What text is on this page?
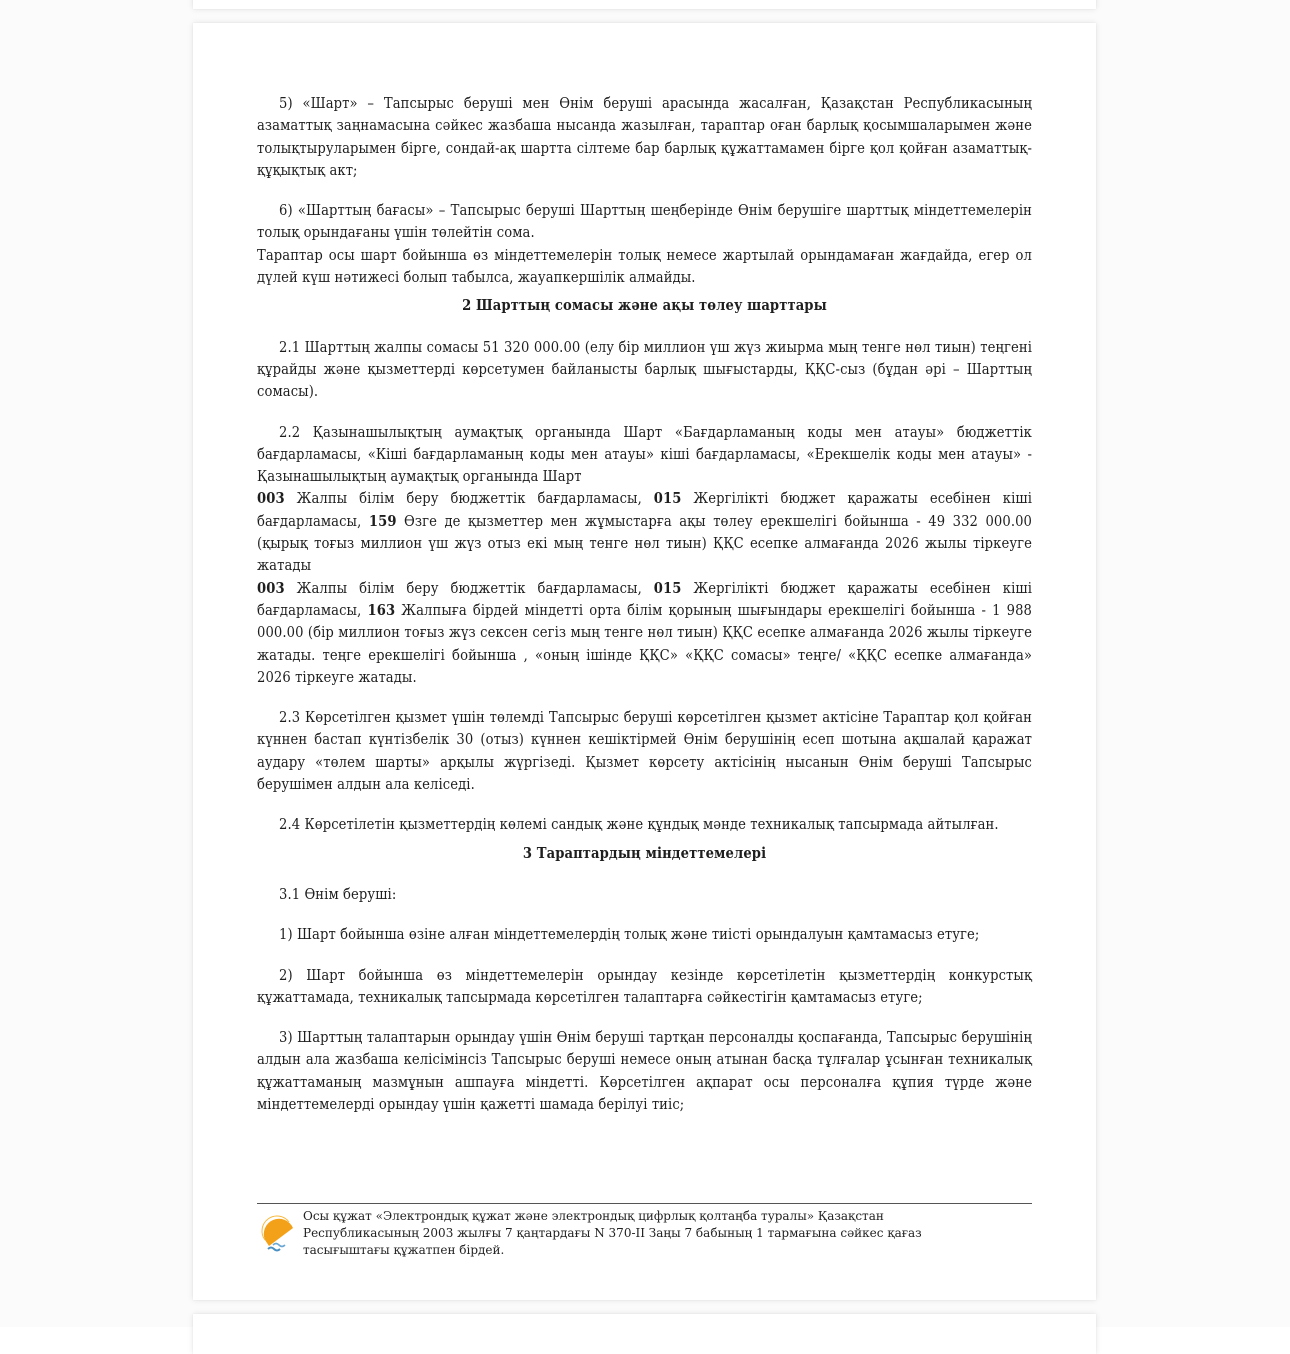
5) «Шарт» – Тапсырыс беруші мен Өнім беруші арасында жасалған, Қазақстан Республикасының азаматтық заңнамасына сәйкес жазбаша нысанда жазылған, тараптар оған барлық қосымшаларымен және толықтыруларымен бірге, сондай-ақ шартта сілтеме бар барлық құжаттамамен бірге қол қойған азаматтық-құқықтық акт;

6) «Шарттың бағасы» – Тапсырыс беруші Шарттың шеңберінде Өнім берушіге шарттық міндеттемелерін толық орындағаны үшін төлейтін сома.

Тараптар осы шарт бойынша өз міндеттемелерін толық немесе жартылай орындамаған жағдайда, егер ол дүлей күш нәтижесі болып табылса, жауапкершілік алмайды.

2 Шарттың сомасы және ақы төлеу шарттары

2.1 Шарттың жалпы сомасы 51 320 000.00 (елу бір миллион үш жүз жиырма мың тенге нөл тиын) теңгені құрайды және қызметтерді көрсетумен байланысты барлық шығыстарды, ҚҚС-сыз (бұдан әрі – Шарттың сомасы).

2.2 Қазынашылықтың аумақтық органында Шарт «Бағдарламаның коды мен атауы» бюджеттік бағдарламасы, «Кіші бағдарламаның коды мен атауы» кіші бағдарламасы, «Ерекшелік коды мен атауы» - Қазынашылықтың аумақтық органында Шарт

003 Жалпы білім беру бюджеттік бағдарламасы, 015 Жергілікті бюджет қаражаты есебінен кіші бағдарламасы, 159 Өзге де қызметтер мен жұмыстарға ақы төлеу ерекшелігі бойынша - 49 332 000.00 (қырық тоғыз миллион үш жүз отыз екі мың тенге нөл тиын) ҚҚС есепке алмағанда 2026 жылы тіркеуге жатады

003 Жалпы білім беру бюджеттік бағдарламасы, 015 Жергілікті бюджет қаражаты есебінен кіші бағдарламасы, 163 Жалпыға бірдей міндетті орта білім қорының шығындары ерекшелігі бойынша - 1 988 000.00 (бір миллион тоғыз жүз сексен сегіз мың тенге нөл тиын) ҚҚС есепке алмағанда 2026 жылы тіркеуге жатады. теңге ерекшелігі бойынша , «оның ішінде ҚҚС» «ҚҚС сомасы» теңге/ «ҚҚС есепке алмағанда» 2026 тіркеуге жатады.

2.3 Көрсетілген қызмет үшін төлемді Тапсырыс беруші көрсетілген қызмет актісіне Тараптар қол қойған күннен бастап күнтізбелік 30 (отыз) күннен кешіктірмей Өнім берушінің есеп шотына ақшалай қаражат аудару «төлем шарты» арқылы жүргізеді. Қызмет көрсету актісінің нысанын Өнім беруші Тапсырыс берушімен алдын ала келіседі.

2.4 Көрсетілетін қызметтердің көлемі сандық және құндық мәнде техникалық тапсырмада айтылған.

3 Тараптардың міндеттемелері

3.1 Өнім беруші:

1) Шарт бойынша өзіне алған міндеттемелердің толық және тиісті орындалуын қамтамасыз етуге;

2) Шарт бойынша өз міндеттемелерін орындау кезінде көрсетілетін қызметтердің конкурстық құжаттамада, техникалық тапсырмада көрсетілген талаптарға сәйкестігін қамтамасыз етуге;

3) Шарттың талаптарын орындау үшін Өнім беруші тартқан персоналды қоспағанда, Тапсырыс берушінің алдын ала жазбаша келісімінсіз Тапсырыс беруші немесе оның атынан басқа тұлғалар ұсынған техникалық құжаттаманың мазмұнын ашпауға міндетті. Көрсетілген ақпарат осы персоналға құпия түрде және міндеттемелерді орындау үшін қажетті шамада берілуі тиіс;

Осы құжат «Электрондық құжат және электрондық цифрлық қолтаңба туралы» Қазақстан Республикасының 2003 жылғы 7 қаңтардағы N 370-II Заңы 7 бабының 1 тармағына сәйкес қағаз тасығыштағы құжатпен бірдей.
